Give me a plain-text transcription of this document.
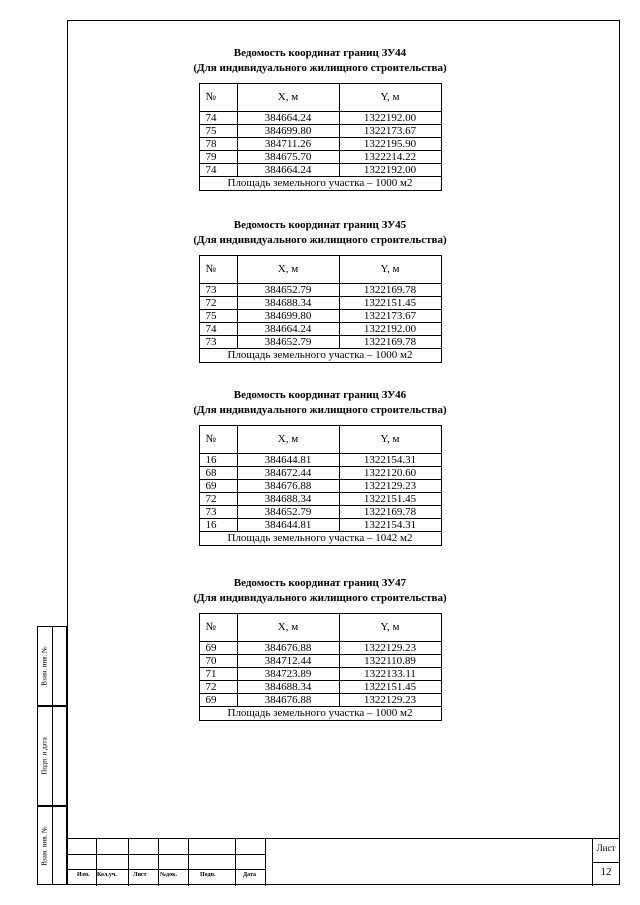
Ведомость координат границ ЗУ44

(Для индивидуального жилищного строительства)

№	X, м	Y, м
74	384664.24	1322192.00
75	384699.80	1322173.67
78	384711.26	1322195.90
79	384675.70	1322214.22
74	384664.24	1322192.00
Площадь земельного участка – 1000 м2		

Ведомость координат границ ЗУ45

(Для индивидуального жилищного строительства)

№	X, м	Y, м
73	384652.79	1322169.78
72	384688.34	1322151.45
75	384699.80	1322173.67
74	384664.24	1322192.00
73	384652.79	1322169.78
Площадь земельного участка – 1000 м2		

Ведомость координат границ ЗУ46

(Для индивидуального жилищного строительства)

№	X, м	Y, м
16	384644.81	1322154.31
68	384672.44	1322120.60
69	384676.88	1322129.23
72	384688.34	1322151.45
73	384652.79	1322169.78
16	384644.81	1322154.31
Площадь земельного участка – 1042 м2		

Ведомость координат границ ЗУ47

(Для индивидуального жилищного строительства)

№	X, м	Y, м
69	384676.88	1322129.23
70	384712.44	1322110.89
71	384723.89	1322133.11
72	384688.34	1322151.45
69	384676.88	1322129.23
Площадь земельного участка – 1000 м2		
Взам. инв. №
Подп. и дата
Взам. инв. №
Изм. Кол.уч.	Лист №док.	Подп.	Дата
Лист
12
